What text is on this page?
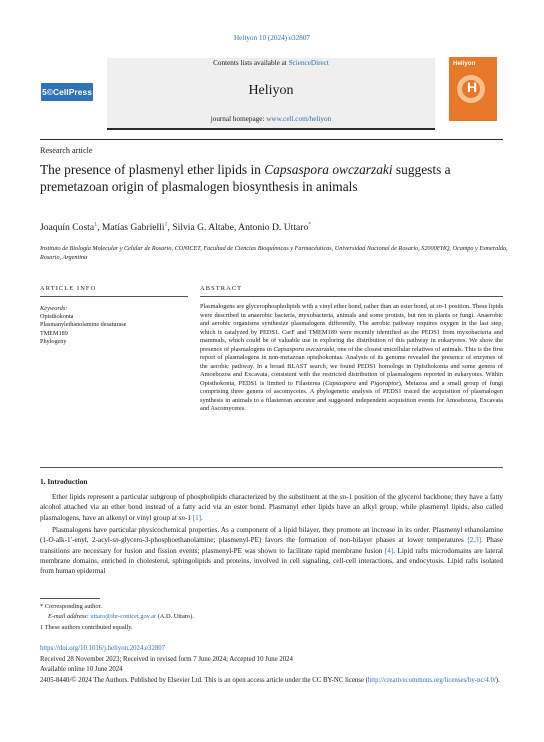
Heliyon 10 (2024) e32807
5©CellPress
Contents lists available at ScienceDirect
Heliyon
journal homepage: www.cell.com/heliyon
Heliyon
H
Research article
The presence of plasmenyl ether lipids in Capsaspora owczarzaki suggests a premetazoan origin of plasmalogen biosynthesis in animals
Joaquín Costa$^1$, Matías Gabrielli$^1$, Silvia G. Altabe, Antonio D. Uttaro*
Instituto de Biología Molecular y Celular de Rosario, CONICET, Facultad de Ciencias Bioquímicas y Farmacéuticas, Universidad Nacional de Rosario, S2000FHQ, Ocampo y Esmeralda, Rosario, Argentina
ARTICLE INFO	ABSTRACT
Keywords:
Opisthokonta
Plasmanylethanolamine desaturase
TMEM189
Phylogeny

Plasmalogens are glycerophospholipids with a vinyl ether bond, rather than an ester bond, at sn-1 position. These lipids were described in anaerobic bacteria, myxobacteria, animals and some protists, but not in plants or fungi. Anaerobic and aerobic organisms synthesize plasmalogens differently. The aerobic pathway requires oxygen in the last step, which is catalyzed by PEDS1. CarF and TMEM189 were recently identified as the PEDS1 from myxobacteria and mammals, which could be of valuable use in exploring the distribution of this pathway in eukaryotes. We show the presence of plasmalogens in Capsaspora owczarzaki, one of the closest unicellular relatives of animals. This is the first report of plasmalogens in non-metazoan opisthokontas. Analysis of its genome revealed the presence of enzymes of the aerobic pathway. In a broad BLAST search, we found PEDS1 homologs in Opisthokonta and some genera of Amoebozoa and Excavata, consistent with the restricted distribution of plasmalogens reported in eukaryotes. Within Opisthokonta, PEDS1 is limited to Filasterea (Capsaspora and Pigoraptor), Metazoa and a small group of fungi comprising three genera of ascomycetes. A phylogenetic analysis of PEDS1 traced the acquisition of plasmalogen synthesis in animals to a filasterean ancestor and suggested independent acquisition events for Amoebozoa, Excavata and Ascomycetes.

1. Introduction

Ether lipids represent a particular subgroup of phospholipids characterized by the substituent at the sn-1 position of the glycerol backbone; they have a fatty alcohol attached via an ether bond instead of a fatty acid via an ester bond. Plasmanyl ether lipids have an alkyl group, while plasmenyl lipids, also called plasmalogens, have an alkenyl or vinyl group at sn-1 [1].

Plasmalogens have particular physicochemical properties. As a component of a lipid bilayer, they promote an increase in its order. Plasmenyl ethanolamine (1-O-alk-1′-enyl, 2-acyl-sn-glycero-3-phosphoethanolamine; plasmenyl-PE) favors the formation of non-bilayer phases at lower temperatures [2,3]. Phase transitions are necessary for fusion and fission events; plasmenyl-PE was shown to facilitate rapid membrane fusion [4]. Lipid rafts microdomains are lateral membrane domains, enriched in cholesterol, sphingolipids and proteins, involved in cell signaling, cell-cell interactions, and endocytosis. Lipid rafts isolated from human epidermal

* Corresponding author.
E-mail address: uttaro@ibr-conicet.gov.ar (A.D. Uttaro).
1 These authors contributed equally.
https://doi.org/10.1016/j.heliyon.2024.e32807
Received 28 November 2023; Received in revised form 7 June 2024; Accepted 10 June 2024
Available online 10 June 2024

2405-8440/© 2024 The Authors. Published by Elsevier Ltd. This is an open access article under the CC BY-NC license (http://creativecommons.org/licenses/by-nc/4.0/).
